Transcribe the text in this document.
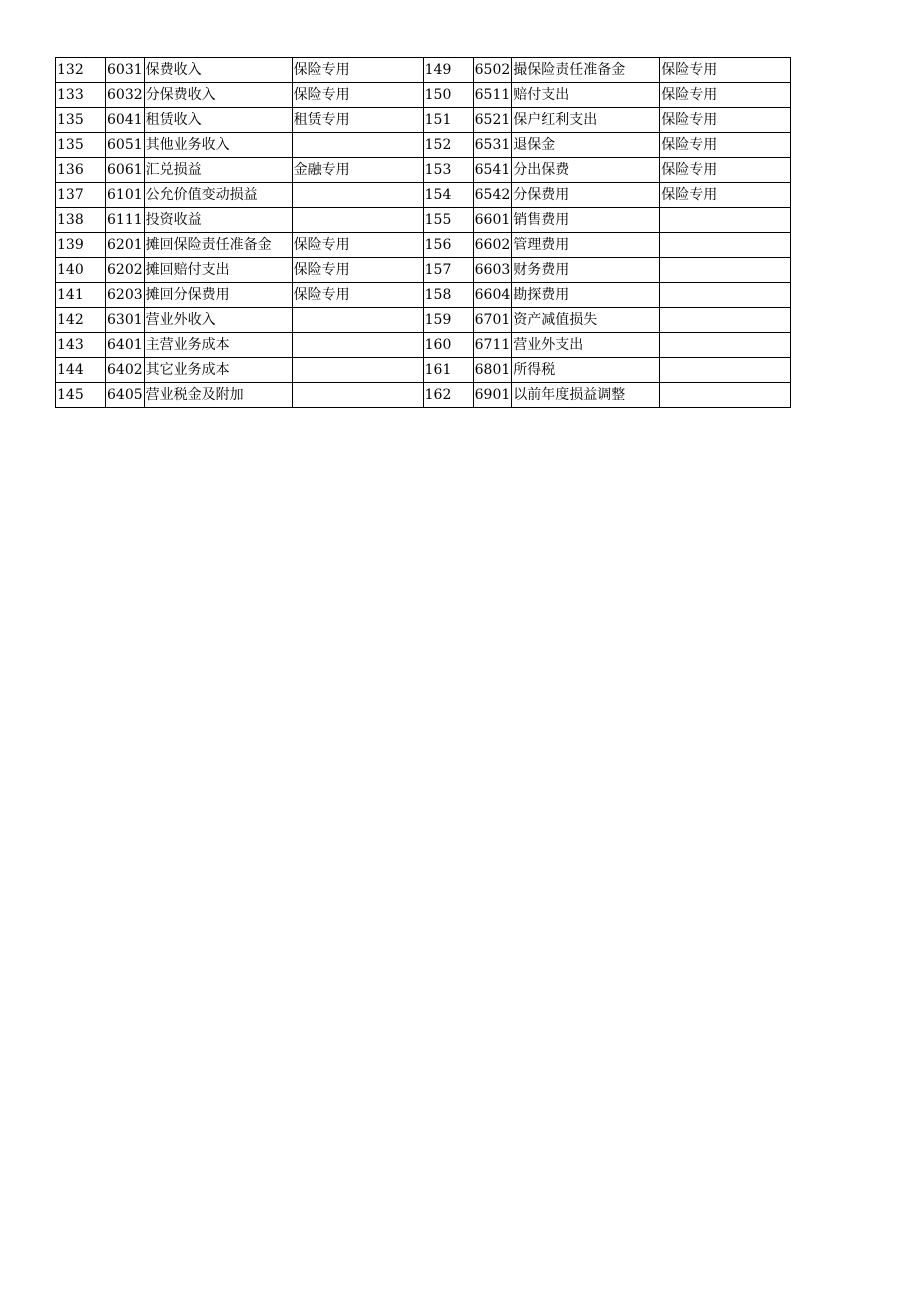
132	6031	保费收入	保险专用	149	6502	撮保险责任准备金	保险专用
133	6032	分保费收入	保险专用	150	6511	赔付支出	保险专用
135	6041	租赁收入	租赁专用	151	6521	保户红利支出	保险专用
135	6051	其他业务收入		152	6531	退保金	保险专用
136	6061	汇兑损益	金融专用	153	6541	分出保费	保险专用
137	6101	公允价值变动损益		154	6542	分保费用	保险专用
138	6111	投资收益		155	6601	销售费用	
139	6201	摊回保险责任准备金	保险专用	156	6602	管理费用	
140	6202	摊回赔付支出	保险专用	157	6603	财务费用	
141	6203	摊回分保费用	保险专用	158	6604	勘探费用	
142	6301	营业外收入		159	6701	资产减值损失	
143	6401	主营业务成本		160	6711	营业外支出	
144	6402	其它业务成本		161	6801	所得税	
145	6405	营业税金及附加		162	6901	以前年度损益调整	
